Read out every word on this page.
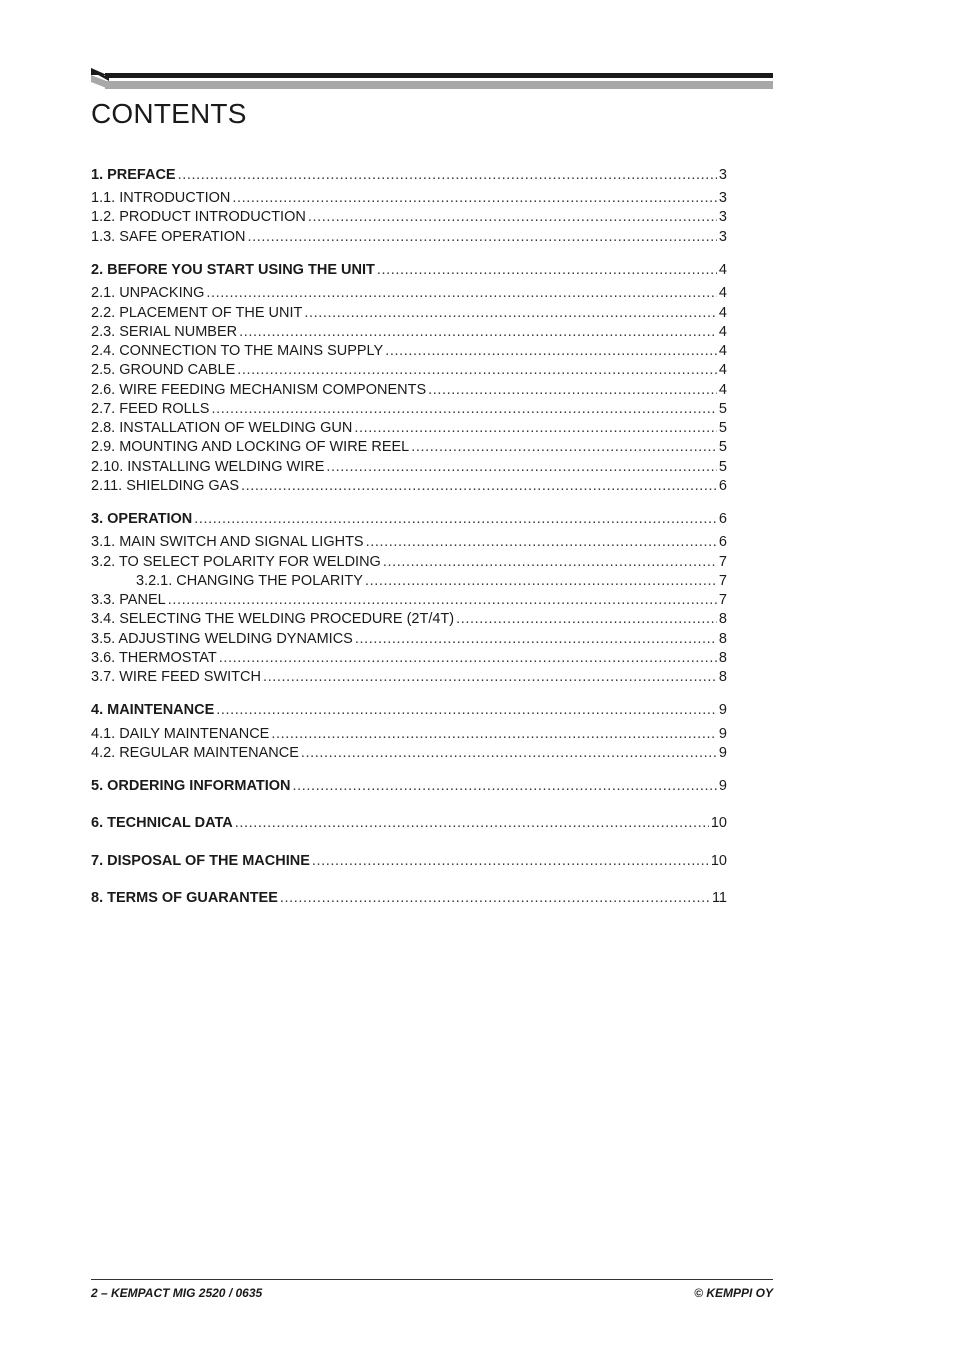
CONTENTS
1. PREFACE .....	3
1.1. INTRODUCTION .....	3
1.2. PRODUCT INTRODUCTION .....	3
1.3. SAFE OPERATION .....	3
2. BEFORE YOU START USING THE UNIT .....	4
2.1. UNPACKING .....	4
2.2. PLACEMENT OF THE UNIT .....	4
2.3. SERIAL NUMBER .....	4
2.4. CONNECTION TO THE MAINS SUPPLY .....	4
2.5. GROUND CABLE .....	4
2.6. WIRE FEEDING MECHANISM COMPONENTS .....	4
2.7. FEED ROLLS .....	5
2.8. INSTALLATION OF WELDING GUN .....	5
2.9. MOUNTING AND LOCKING OF WIRE REEL .....	5
2.10. INSTALLING WELDING WIRE .....	5
2.11. SHIELDING GAS .....	6
3. OPERATION .....	6
3.1. MAIN SWITCH AND SIGNAL LIGHTS .....	6
3.2. TO SELECT POLARITY FOR WELDING .....	7
3.2.1. CHANGING THE POLARITY .....	7
3.3. PANEL .....	7
3.4. SELECTING THE WELDING PROCEDURE (2T/4T) .....	8
3.5. ADJUSTING WELDING DYNAMICS .....	8
3.6. THERMOSTAT .....	8
3.7. WIRE FEED SWITCH .....	8
4. MAINTENANCE .....	9
4.1. DAILY MAINTENANCE .....	9
4.2. REGULAR MAINTENANCE .....	9
5. ORDERING INFORMATION .....	9
6. TECHNICAL DATA .....	10
7. DISPOSAL OF THE MACHINE .....	10
8. TERMS OF GUARANTEE .....	11
2 – KEMPACT MIG 2520 / 0635	© KEMPPI OY
